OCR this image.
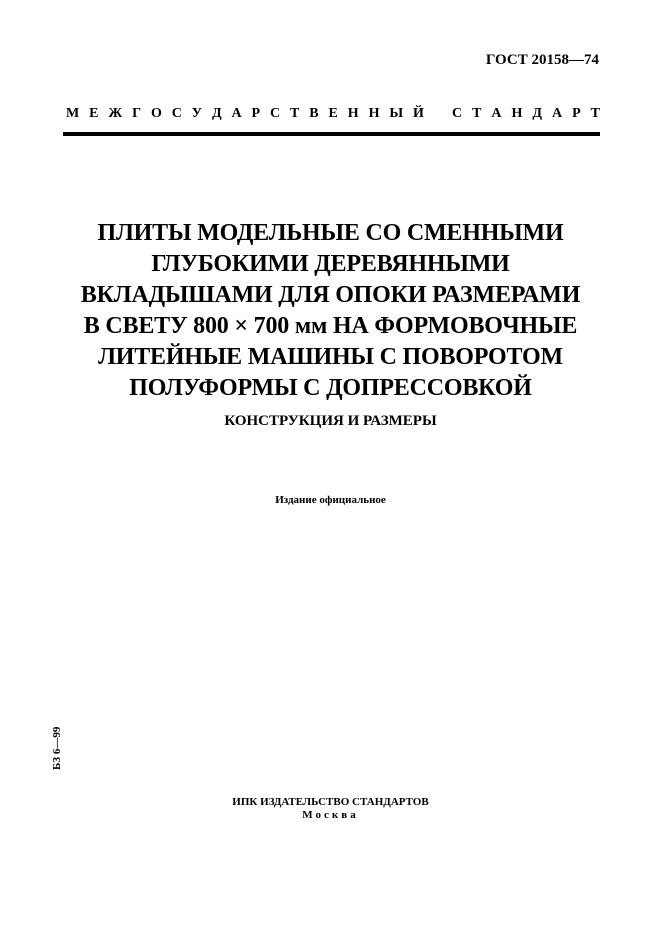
ГОСТ 20158—74
М Е Ж Г О С У Д А Р С Т В Е Н Н Ы Й С Т А Н Д А Р Т
ПЛИТЫ МОДЕЛЬНЫЕ СО СМЕННЫМИ
ГЛУБОКИМИ ДЕРЕВЯННЫМИ
ВКЛАДЫШАМИ ДЛЯ ОПОКИ РАЗМЕРАМИ
В СВЕТУ 800 × 700 мм НА ФОРМОВОЧНЫЕ
ЛИТЕЙНЫЕ МАШИНЫ С ПОВОРОТОМ
ПОЛУФОРМЫ С ДОПРЕССОВКОЙ
КОНСТРУКЦИЯ И РАЗМЕРЫ
Издание официальное
БЗ 6—99
ИПК ИЗДАТЕЛЬСТВО СТАНДАРТОВ
Москва
